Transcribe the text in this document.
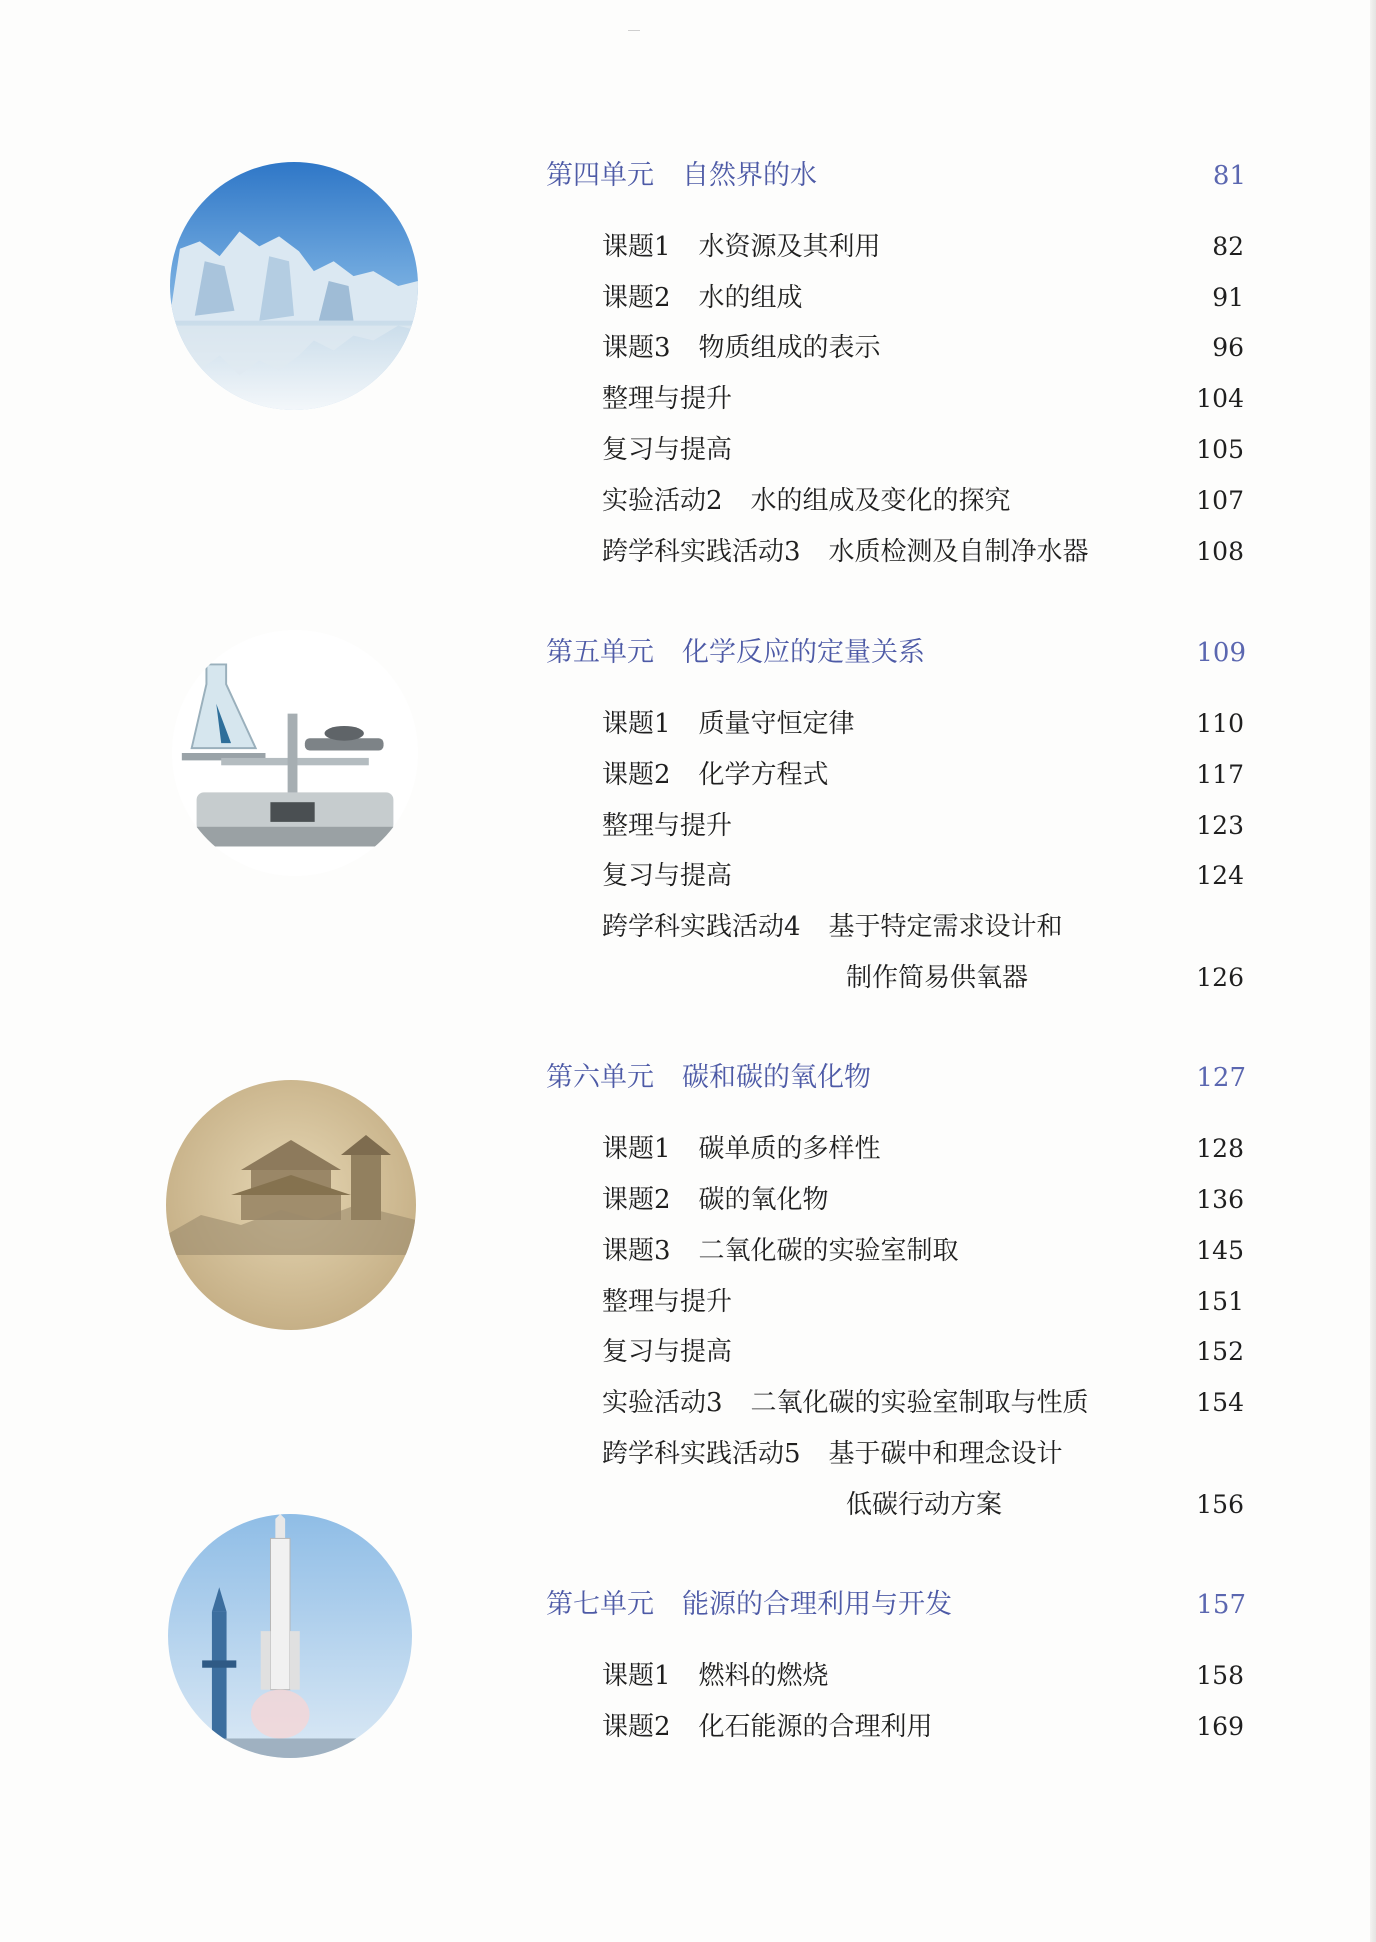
第四单元 自然界的水	81
课题1 水资源及其利用	82
课题2 水的组成	91
课题3 物质组成的表示	96
整理与提升	104
复习与提高	105
实验活动2 水的组成及变化的探究	107
跨学科实践活动3 水质检测及自制净水器	108
第五单元 化学反应的定量关系	109
课题1 质量守恒定律	110
课题2 化学方程式	117
整理与提升	123
复习与提高	124
跨学科实践活动4 基于特定需求设计和
制作简易供氧器	126
第六单元 碳和碳的氧化物	127
课题1 碳单质的多样性	128
课题2 碳的氧化物	136
课题3 二氧化碳的实验室制取	145
整理与提升	151
复习与提高	152
实验活动3 二氧化碳的实验室制取与性质	154
跨学科实践活动5 基于碳中和理念设计
低碳行动方案	156
第七单元 能源的合理利用与开发	157
课题1 燃料的燃烧	158
课题2 化石能源的合理利用	169
